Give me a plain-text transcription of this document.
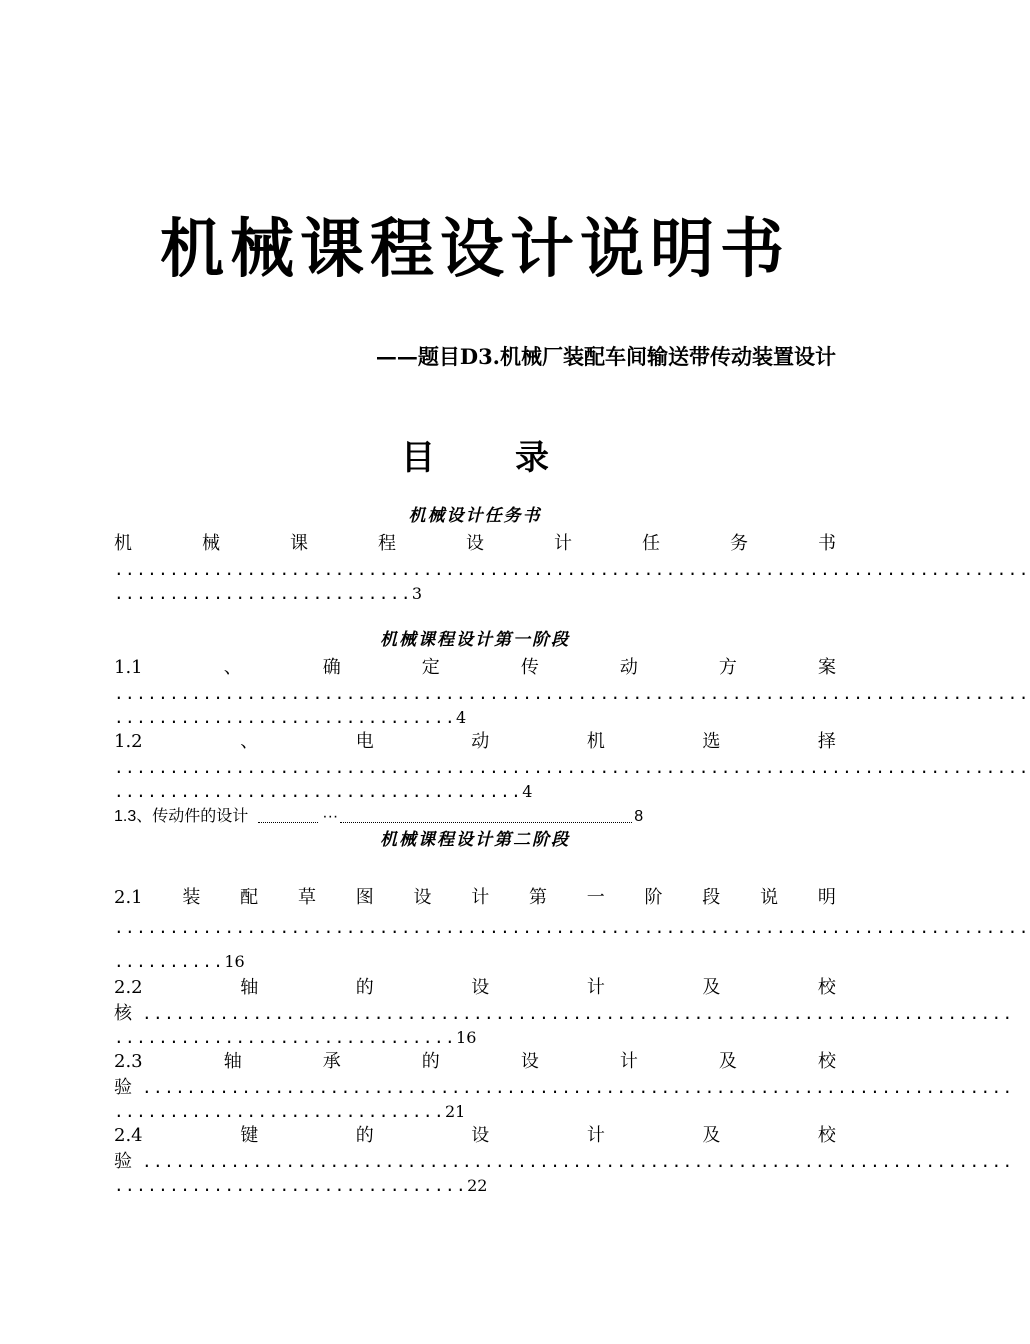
机械课程设计说明书
——题目D3.机械厂装配车间输送带传动装置设计
目 录
机械设计任务书
机	械	课	程	设	计	任	务	书
...................................................................................
...........................3
机械课程设计第一阶段
1.1	、	确	定	传	动	方	案
...................................................................................
...............................4
1.2	、	电	动	机	选	择
...................................................................................
.....................................4
1.3、传动件的设计	···	8
机械课程设计第二阶段
2.1 装 配 草 图 设 计 第 一 阶 段 说 明
...................................................................................
..........16
2.2	轴	的	设	计	及	校
核 ...............................................................................
...............................16
2.3	轴	承	的	设	计	及	校
验 ...............................................................................
..............................21
2.4	键	的	设	计	及	校
验 ...............................................................................
................................22
